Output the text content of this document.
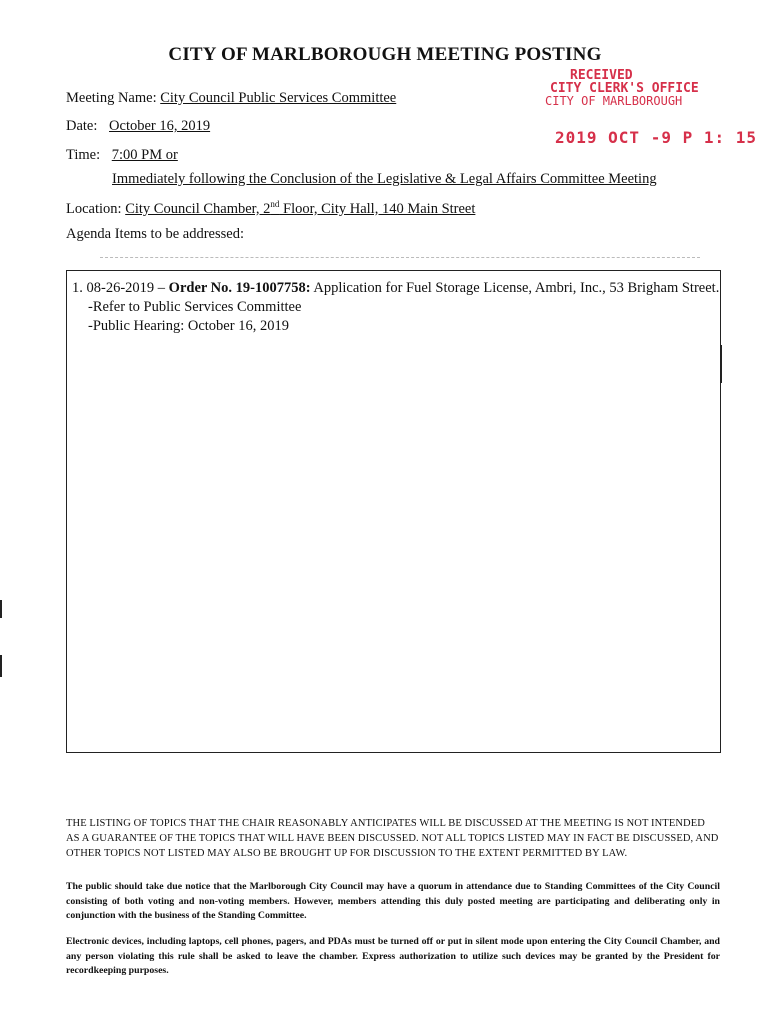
CITY OF MARLBOROUGH MEETING POSTING
RECEIVED
CITY CLERK'S OFFICE
CITY OF MARLBOROUGH
2019 OCT -9 P 1: 15
Meeting Name: City Council Public Services Committee
Date: October 16, 2019
Time: 7:00 PM or
Immediately following the Conclusion of the Legislative & Legal Affairs Committee Meeting
Location: City Council Chamber, 2nd Floor, City Hall, 140 Main Street
Agenda Items to be addressed:
1. 08-26-2019 – Order No. 19-1007758: Application for Fuel Storage License, Ambri, Inc., 53 Brigham Street.
-Refer to Public Services Committee
-Public Hearing: October 16, 2019
THE LISTING OF TOPICS THAT THE CHAIR REASONABLY ANTICIPATES WILL BE DISCUSSED AT THE MEETING IS NOT INTENDED AS A GUARANTEE OF THE TOPICS THAT WILL HAVE BEEN DISCUSSED. NOT ALL TOPICS LISTED MAY IN FACT BE DISCUSSED, AND OTHER TOPICS NOT LISTED MAY ALSO BE BROUGHT UP FOR DISCUSSION TO THE EXTENT PERMITTED BY LAW.
The public should take due notice that the Marlborough City Council may have a quorum in attendance due to Standing Committees of the City Council consisting of both voting and non-voting members. However, members attending this duly posted meeting are participating and deliberating only in conjunction with the business of the Standing Committee.
Electronic devices, including laptops, cell phones, pagers, and PDAs must be turned off or put in silent mode upon entering the City Council Chamber, and any person violating this rule shall be asked to leave the chamber. Express authorization to utilize such devices may be granted by the President for recordkeeping purposes.
